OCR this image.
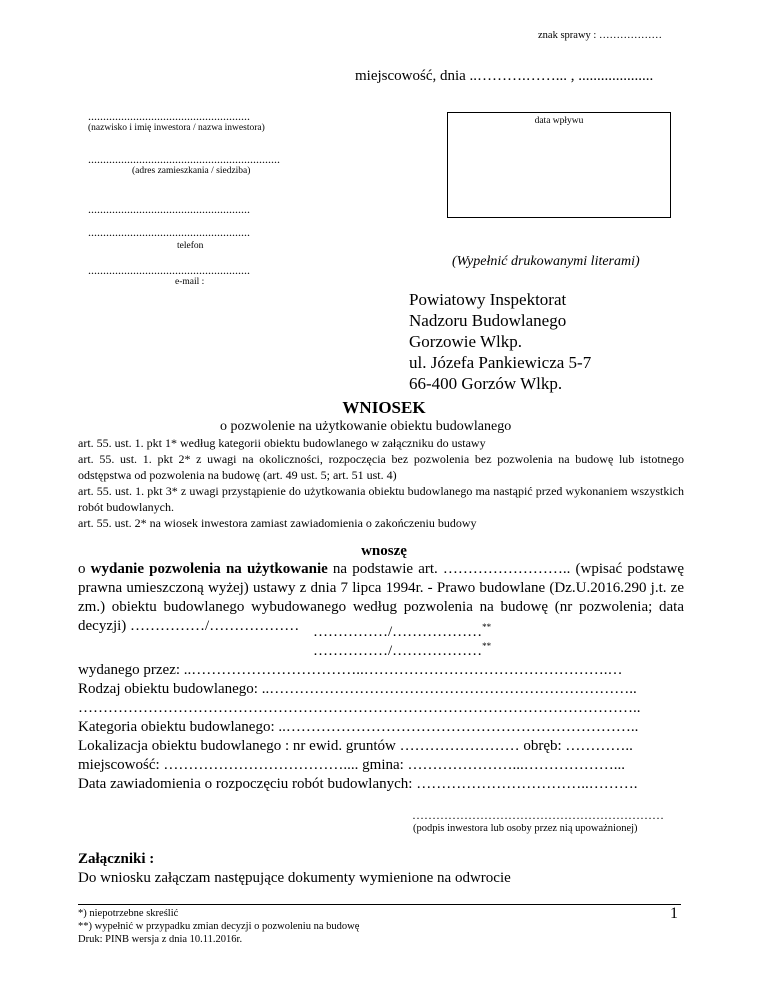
znak sprawy : ………………
miejscowość, dnia ..……….……... , ....................
......................................................
(nazwisko i imię inwestora / nazwa inwestora)
................................................................
(adres zamieszkania / siedziba)
......................................................
......................................................
telefon
......................................................
e-mail :
data wpływu
(Wypełnić drukowanymi literami)
Powiatowy Inspektorat
Nadzoru Budowlanego
Gorzowie Wlkp.
ul. Józefa Pankiewicza 5-7
66-400 Gorzów Wlkp.
WNIOSEK
o pozwolenie na użytkowanie obiektu budowlanego
art. 55. ust. 1. pkt 1* według kategorii obiektu budowlanego w załączniku do ustawy
art. 55. ust. 1. pkt 2* z uwagi na okoliczności, rozpoczęcia bez pozwolenia bez pozwolenia na budowę lub istotnego odstępstwa od pozwolenia na budowę (art. 49 ust. 5; art. 51 ust. 4)
art. 55. ust. 1. pkt 3* z uwagi przystąpienie do użytkowania obiektu budowlanego ma nastąpić przed wykonaniem wszystkich robót budowlanych.
art. 55. ust. 2* na wiosek inwestora zamiast zawiadomienia o zakończeniu budowy
wnoszę
o wydanie pozwolenia na użytkowanie na podstawie art. …………………….. (wpisać podstawę prawna umieszczoną wyżej) ustawy z dnia 7 lipca 1994r. - Prawo budowlane (Dz.U.2016.290 j.t. ze zm.) obiektu budowlanego wybudowanego według pozwolenia na budowę (nr pozwolenia; data decyzji) ……………/……………… ……………/………………**
……………/………………**
wydanego przez: ..……………………………..………………………………………….…
Rodzaj obiektu budowlanego: ..………………………………………………………………..
…………………………………………………………………………………………………..
Kategoria obiektu budowlanego: ..……………………………………………………………..
Lokalizacja obiektu budowlanego : nr ewid. gruntów …………………… obręb: …………..
miejscowość: ……………………………….... gmina: …………………...………………...
Data zawiadomienia o rozpoczęciu robót budowlanych: ……………………………..……….
………………………………………………………
(podpis inwestora lub osoby przez nią upoważnionej)
Załączniki :
Do wniosku załączam następujące dokumenty wymienione na odwrocie
*) niepotrzebne skreślić
**) wypełnić w przypadku zmian decyzji o pozwoleniu na budowę
Druk: PINB wersja z dnia 10.11.2016r.
1
